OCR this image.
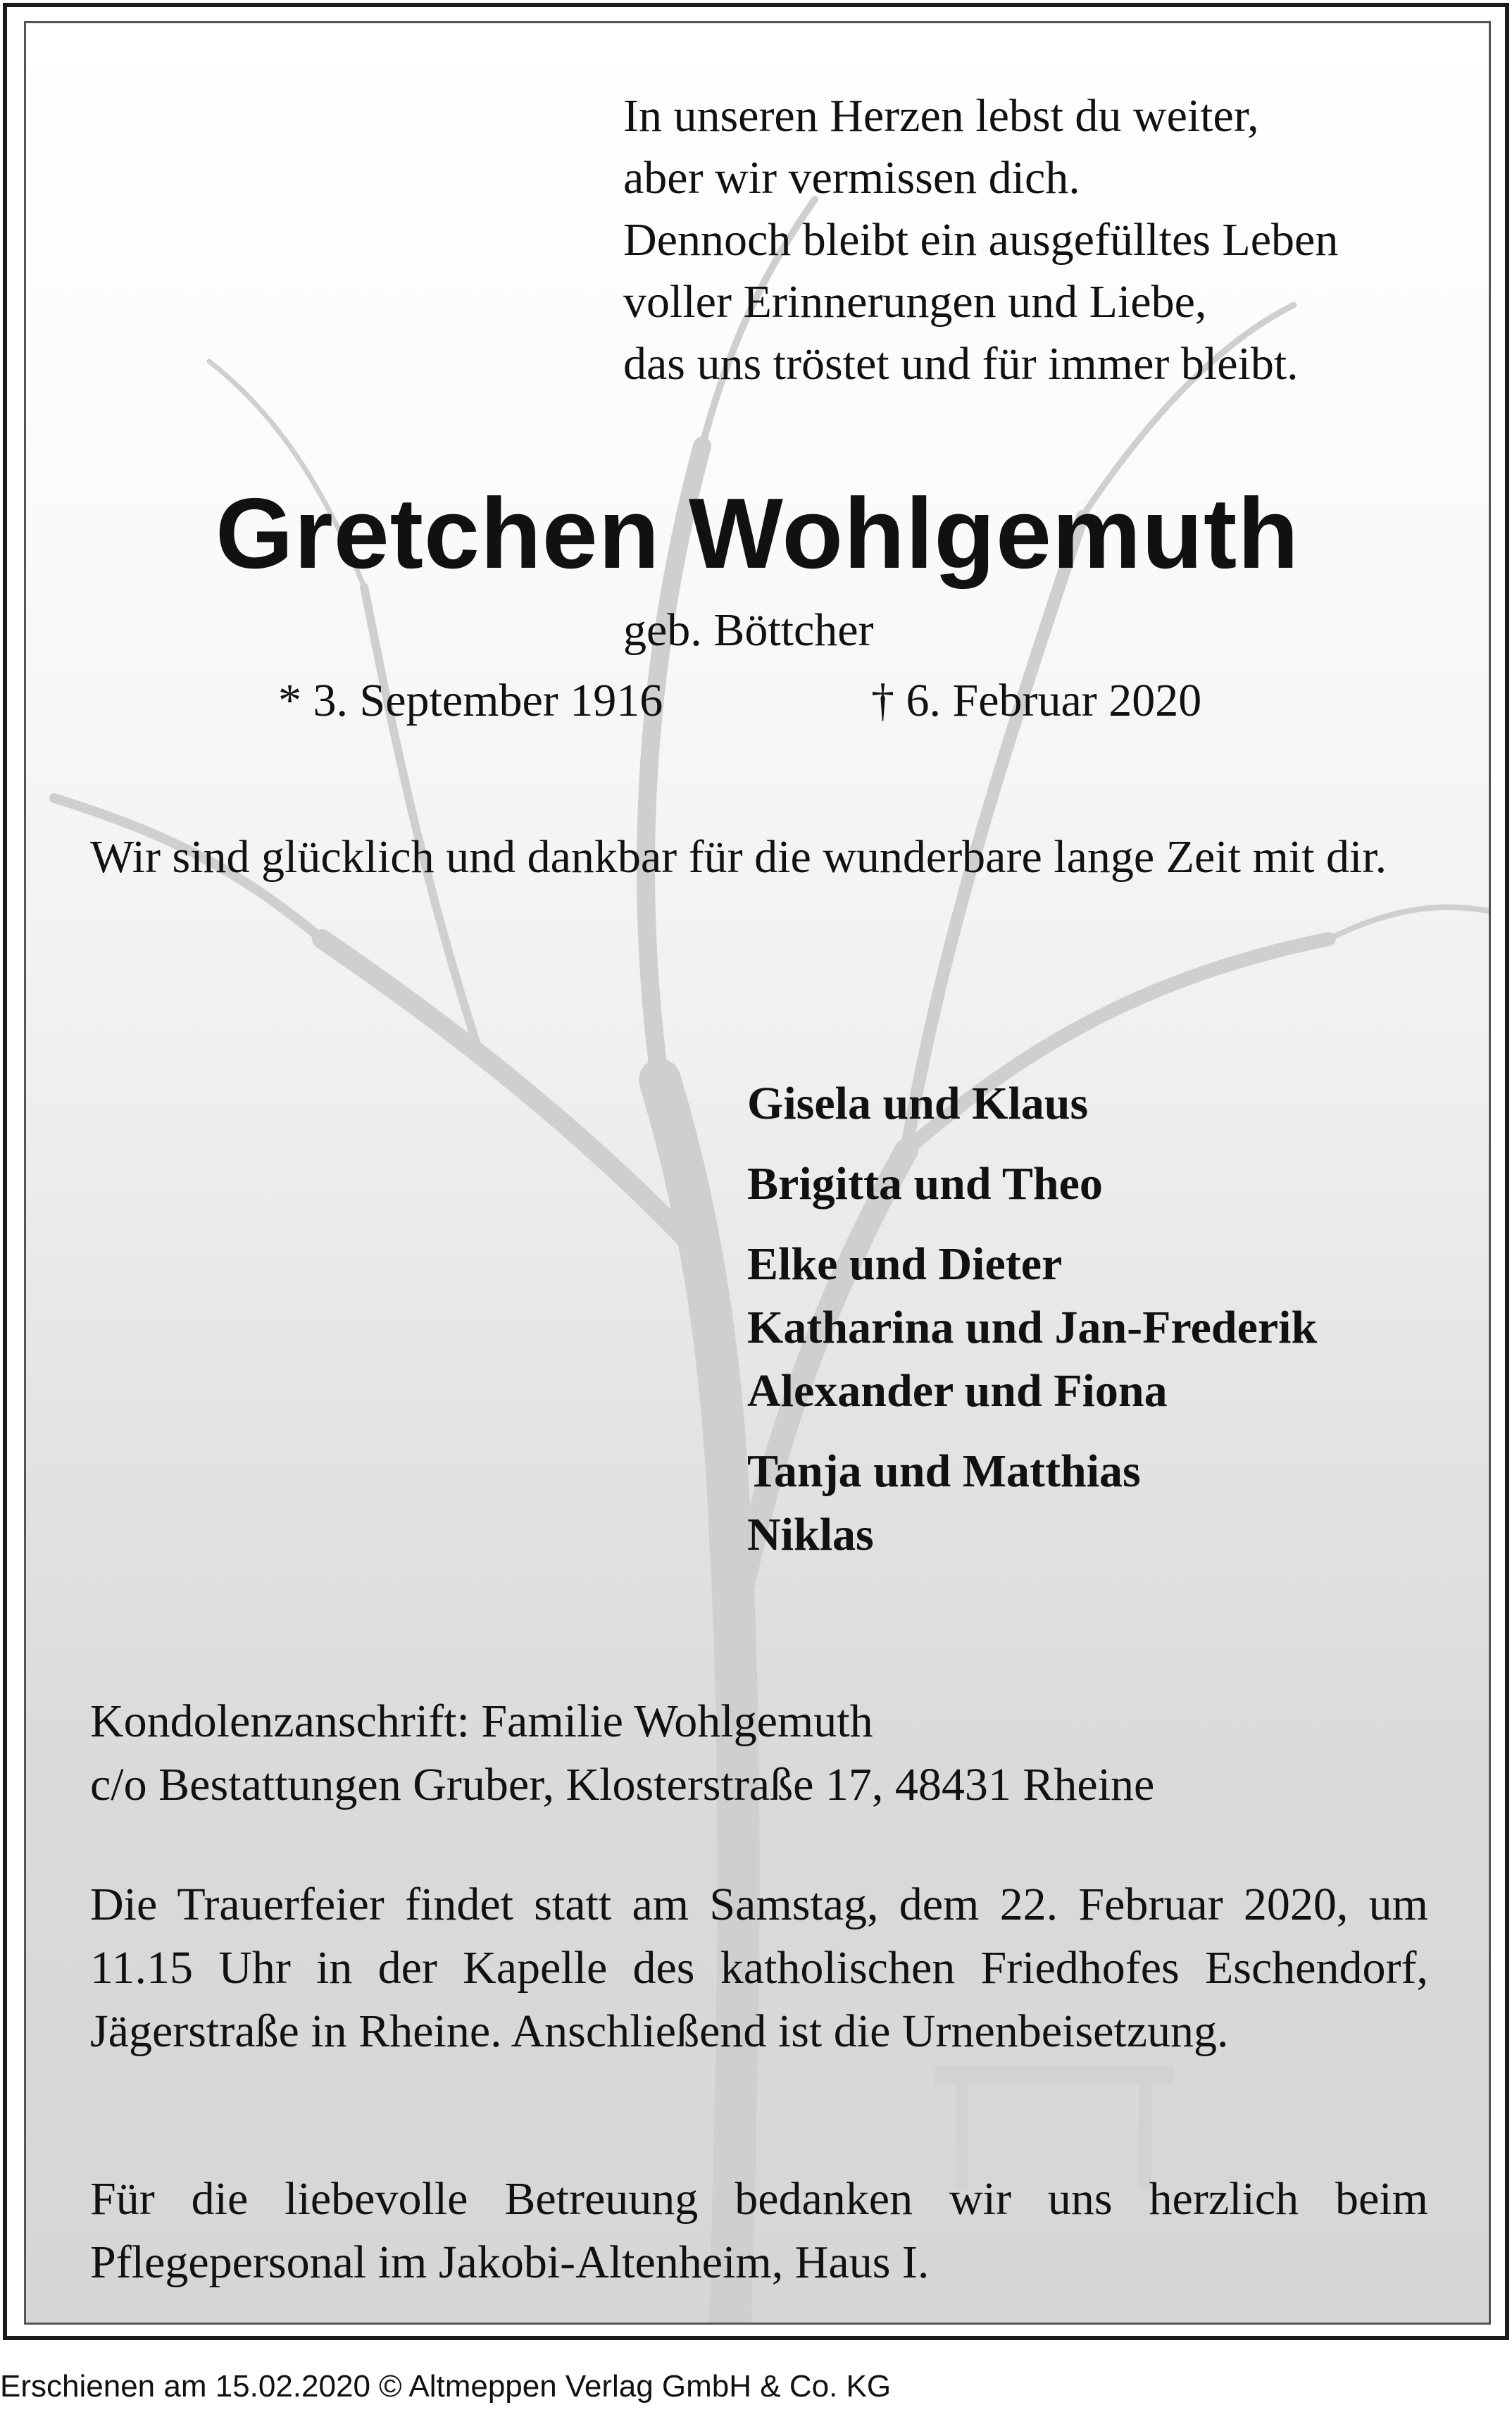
In unseren Herzen lebst du weiter,
aber wir vermissen dich.
Dennoch bleibt ein ausgefülltes Leben
voller Erinnerungen und Liebe,
das uns tröstet und für immer bleibt.
Gretchen Wohlgemuth
geb. Böttcher
* 3. September 1916	† 6. Februar 2020
Wir sind glücklich und dankbar für die wunderbare lange Zeit mit dir.
Gisela und Klaus
Brigitta und Theo
Elke und Dieter
Katharina und Jan-Frederik
Alexander und Fiona
Tanja und Matthias
Niklas
Kondolenzanschrift: Familie Wohlgemuth
c/o Bestattungen Gruber, Klosterstraße 17, 48431 Rheine
Die Trauerfeier findet statt am Samstag, dem 22. Februar 2020, um 11.15 Uhr in der Kapelle des katholischen Friedhofes Eschendorf, Jägerstraße in Rheine. Anschließend ist die Urnenbeisetzung.
Für die liebevolle Betreuung bedanken wir uns herzlich beim Pflegepersonal im Jakobi-Altenheim, Haus I.
Erschienen am 15.02.2020 © Altmeppen Verlag GmbH & Co. KG
